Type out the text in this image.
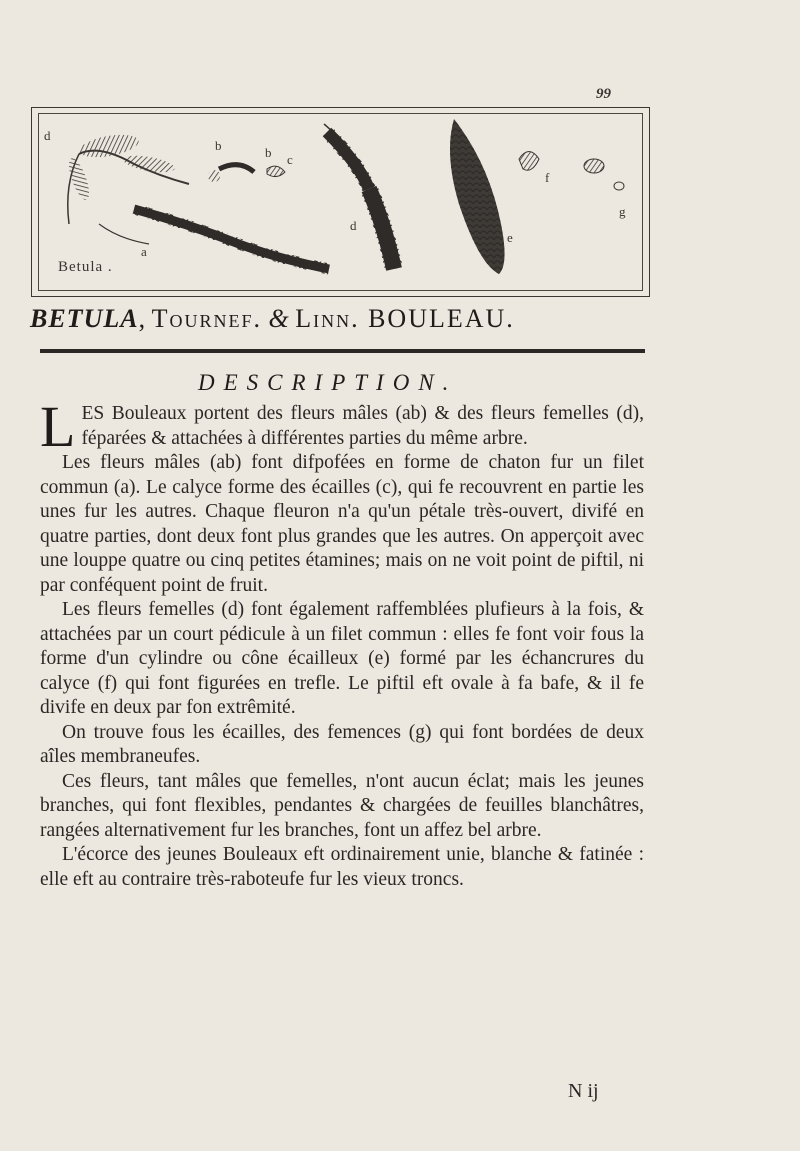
99
d
a
b	b c
d
e
f
g
Betula .
BETULA, Tournef. & Linn. BOULEAU.
DESCRIPTION.

LES Bouleaux portent des fleurs mâles (ab) & des fleurs femelles (d), féparées & attachées à différentes parties du même arbre.

Les fleurs mâles (ab) font difpofées en forme de chaton fur un filet commun (a). Le calyce forme des écailles (c), qui fe recouvrent en partie les unes fur les autres. Chaque fleuron n'a qu'un pétale très-ouvert, divifé en quatre parties, dont deux font plus grandes que les autres. On apperçoit avec une louppe quatre ou cinq petites étamines; mais on ne voit point de piftil, ni par conféquent point de fruit.

Les fleurs femelles (d) font également raffemblées plufieurs à la fois, & attachées par un court pédicule à un filet commun : elles fe font voir fous la forme d'un cylindre ou cône écailleux (e) formé par les échancrures du calyce (f) qui font figurées en trefle. Le piftil eft ovale à fa bafe, & il fe divife en deux par fon extrêmité.

On trouve fous les écailles, des femences (g) qui font bordées de deux aîles membraneufes.

Ces fleurs, tant mâles que femelles, n'ont aucun éclat; mais les jeunes branches, qui font flexibles, pendantes & chargées de feuilles blanchâtres, rangées alternativement fur les branches, font un affez bel arbre.

L'écorce des jeunes Bouleaux eft ordinairement unie, blanche & fatinée : elle eft au contraire très-raboteufe fur les vieux troncs.

N ij
